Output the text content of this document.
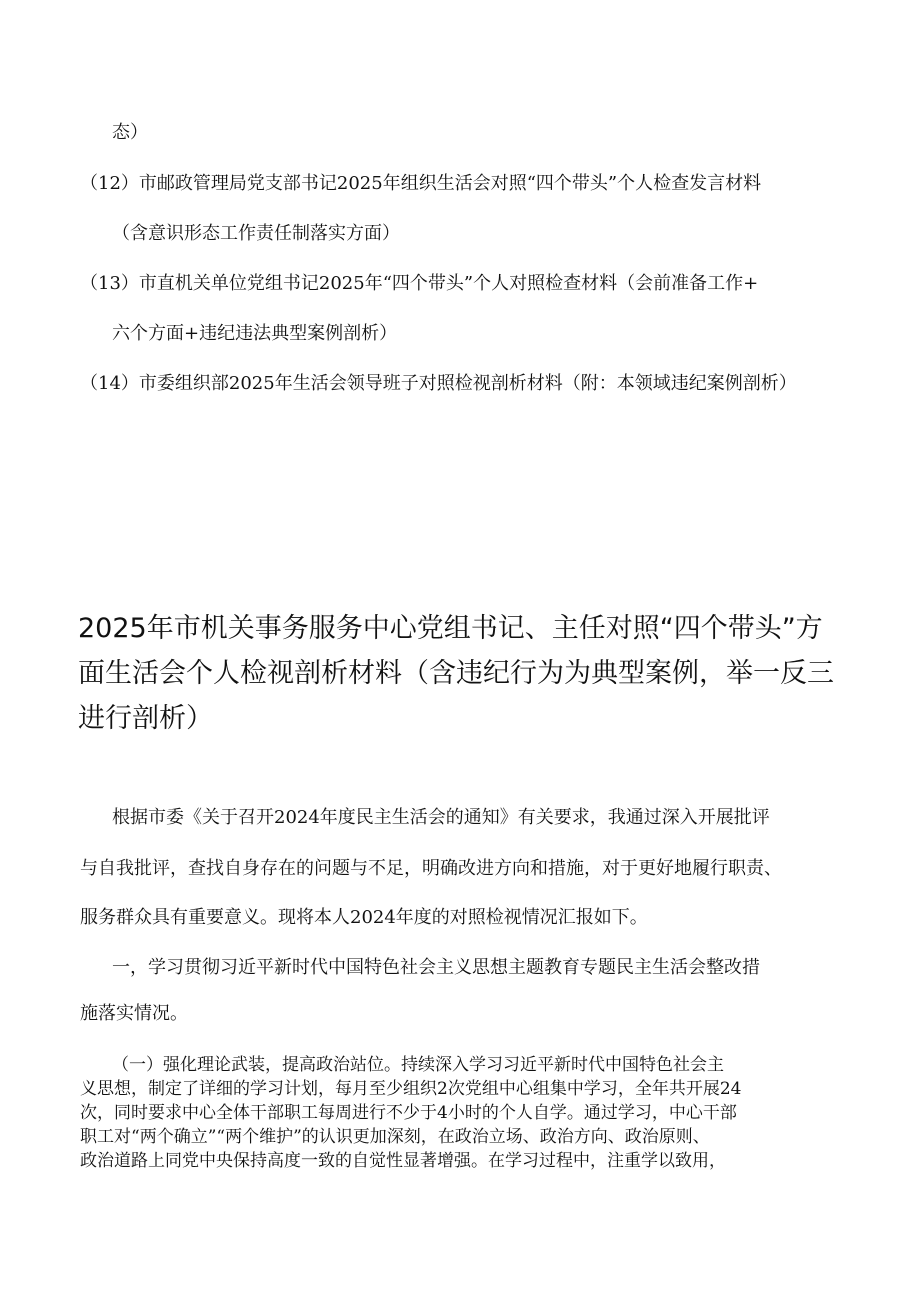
态）
（12）市邮政管理局党支部书记2025年组织生活会对照“四个带头”个人检查发言材料
（含意识形态工作责任制落实方面）
（13）市直机关单位党组书记2025年“四个带头”个人对照检查材料（会前准备工作+
六个方面+违纪违法典型案例剖析）
（14）市委组织部2025年生活会领导班子对照检视剖析材料（附：本领域违纪案例剖析）
2025年市机关事务服务中心党组书记、主任对照“四个带头”方
面生活会个人检视剖析材料（含违纪行为为典型案例，举一反三
进行剖析）
根据市委《关于召开2024年度民主生活会的通知》有关要求，我通过深入开展批评
与自我批评，查找自身存在的问题与不足，明确改进方向和措施，对于更好地履行职责、
服务群众具有重要意义。现将本人2024年度的对照检视情况汇报如下。
一，学习贯彻习近平新时代中国特色社会主义思想主题教育专题民主生活会整改措
施落实情况。
（一）强化理论武装，提高政治站位。持续深入学习习近平新时代中国特色社会主
义思想，制定了详细的学习计划，每月至少组织2次党组中心组集中学习，全年共开展24
次，同时要求中心全体干部职工每周进行不少于4小时的个人自学。通过学习，中心干部
职工对“两个确立”“两个维护”的认识更加深刻，在政治立场、政治方向、政治原则、
政治道路上同党中央保持高度一致的自觉性显著增强。在学习过程中，注重学以致用，
